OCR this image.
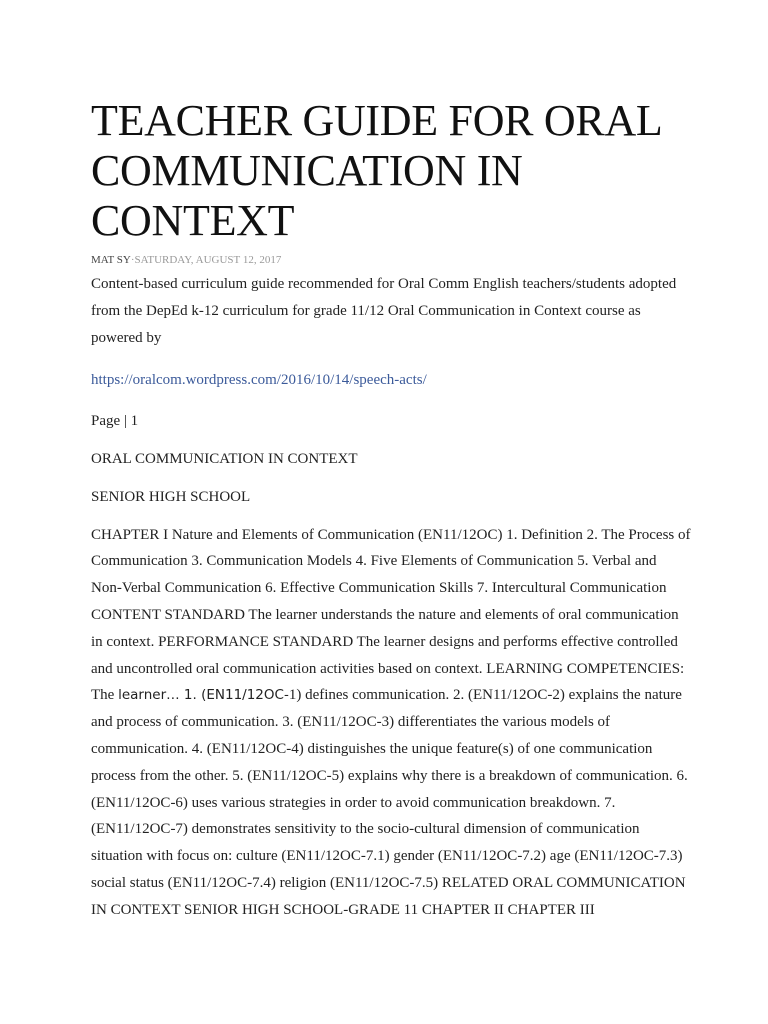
TEACHER GUIDE FOR ORAL
COMMUNICATION IN CONTEXT
MAT SY·SATURDAY, AUGUST 12, 2017

Content-based curriculum guide recommended for Oral Comm English teachers/students adopted from the DepEd k-12 curriculum for grade 11/12 Oral Communication in Context course as powered by

https://oralcom.wordpress.com/2016/10/14/speech-acts/

Page | 1

ORAL COMMUNICATION IN CONTEXT

SENIOR HIGH SCHOOL

CHAPTER I Nature and Elements of Communication (EN11/12OC) 1. Definition 2. The Process of Communication 3. Communication Models 4. Five Elements of Communication 5. Verbal and Non-Verbal Communication 6. Effective Communication Skills 7. Intercultural Communication CONTENT STANDARD The learner understands the nature and elements of oral communication in context. PERFORMANCE STANDARD The learner designs and performs effective controlled and uncontrolled oral communication activities based on context. LEARNING COMPETENCIES: The learner… 1. (EN11/12OC-1) defines communication. 2. (EN11/12OC-2) explains the nature and process of communication. 3. (EN11/12OC-3) differentiates the various models of communication. 4. (EN11/12OC-4) distinguishes the unique feature(s) of one communication process from the other. 5. (EN11/12OC-5) explains why there is a breakdown of communication. 6. (EN11/12OC-6) uses various strategies in order to avoid communication breakdown. 7. (EN11/12OC-7) demonstrates sensitivity to the socio-cultural dimension of communication situation with focus on: culture (EN11/12OC-7.1) gender (EN11/12OC-7.2) age (EN11/12OC-7.3) social status (EN11/12OC-7.4) religion (EN11/12OC-7.5) RELATED ORAL COMMUNICATION IN CONTEXT SENIOR HIGH SCHOOL-GRADE 11 CHAPTER II CHAPTER III
